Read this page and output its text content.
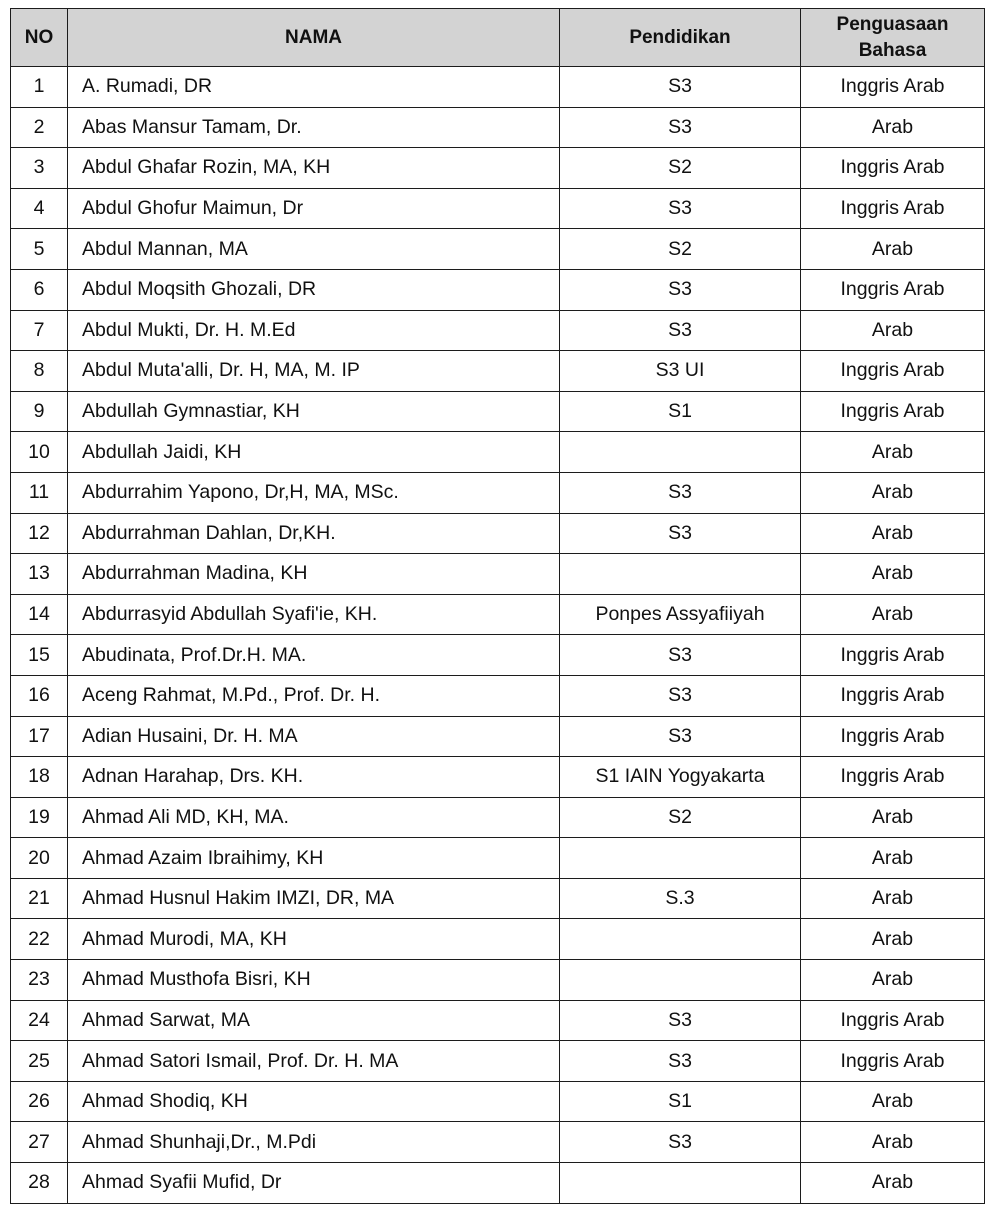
NO	NAMA	Pendidikan	Penguasaan Bahasa
1	A. Rumadi, DR	S3	Inggris Arab
2	Abas Mansur Tamam, Dr.	S3	Arab
3	Abdul Ghafar Rozin, MA, KH	S2	Inggris Arab
4	Abdul Ghofur Maimun, Dr	S3	Inggris Arab
5	Abdul Mannan, MA	S2	Arab
6	Abdul Moqsith Ghozali, DR	S3	Inggris Arab
7	Abdul Mukti, Dr. H. M.Ed	S3	Arab
8	Abdul Muta'alli, Dr. H, MA, M. IP	S3 UI	Inggris Arab
9	Abdullah Gymnastiar, KH	S1	Inggris Arab
10	Abdullah Jaidi, KH		Arab
11	Abdurrahim Yapono, Dr,H, MA, MSc.	S3	Arab
12	Abdurrahman Dahlan, Dr,KH.	S3	Arab
13	Abdurrahman Madina, KH		Arab
14	Abdurrasyid Abdullah Syafi'ie, KH.	Ponpes Assyafiiyah	Arab
15	Abudinata, Prof.Dr.H. MA.	S3	Inggris Arab
16	Aceng Rahmat, M.Pd., Prof. Dr. H.	S3	Inggris Arab
17	Adian Husaini, Dr. H. MA	S3	Inggris Arab
18	Adnan Harahap, Drs. KH.	S1 IAIN Yogyakarta	Inggris Arab
19	Ahmad Ali MD, KH, MA.	S2	Arab
20	Ahmad Azaim Ibraihimy, KH		Arab
21	Ahmad Husnul Hakim IMZI, DR, MA	S.3	Arab
22	Ahmad Murodi, MA, KH		Arab
23	Ahmad Musthofa Bisri, KH		Arab
24	Ahmad Sarwat, MA	S3	Inggris Arab
25	Ahmad Satori Ismail, Prof. Dr. H. MA	S3	Inggris Arab
26	Ahmad Shodiq, KH	S1	Arab
27	Ahmad Shunhaji,Dr., M.Pdi	S3	Arab
28	Ahmad Syafii Mufid, Dr		Arab
